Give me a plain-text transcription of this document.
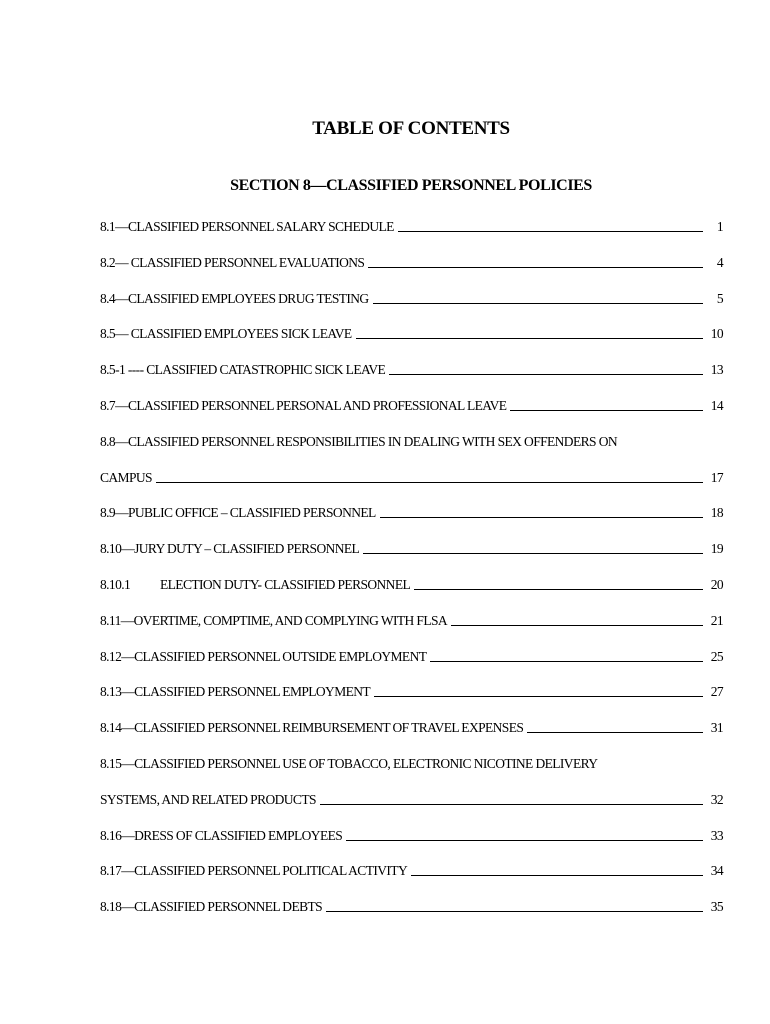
TABLE OF CONTENTS
SECTION 8—CLASSIFIED PERSONNEL POLICIES
8.1—CLASSIFIED PERSONNEL SALARY SCHEDULE	1
8.2— CLASSIFIED PERSONNEL EVALUATIONS	4
8.4—CLASSIFIED EMPLOYEES DRUG TESTING	5
8.5— CLASSIFIED EMPLOYEES SICK LEAVE	10
8.5-1 ---- CLASSIFIED CATASTROPHIC SICK LEAVE	13
8.7—CLASSIFIED PERSONNEL PERSONAL AND PROFESSIONAL LEAVE	14
8.8—CLASSIFIED PERSONNEL RESPONSIBILITIES IN DEALING WITH SEX OFFENDERS ON
CAMPUS	17
8.9—PUBLIC OFFICE – CLASSIFIED PERSONNEL	18
8.10—JURY DUTY – CLASSIFIED PERSONNEL	19
8.10.1 ELECTION DUTY- CLASSIFIED PERSONNEL	20
8.11—OVERTIME, COMPTIME, AND COMPLYING WITH FLSA	21
8.12—CLASSIFIED PERSONNEL OUTSIDE EMPLOYMENT	25
8.13—CLASSIFIED PERSONNEL EMPLOYMENT	27
8.14—CLASSIFIED PERSONNEL REIMBURSEMENT OF TRAVEL EXPENSES	31
8.15—CLASSIFIED PERSONNEL USE OF TOBACCO, ELECTRONIC NICOTINE DELIVERY
SYSTEMS, AND RELATED PRODUCTS	32
8.16—DRESS OF CLASSIFIED EMPLOYEES	33
8.17—CLASSIFIED PERSONNEL POLITICAL ACTIVITY	34
8.18—CLASSIFIED PERSONNEL DEBTS	35
